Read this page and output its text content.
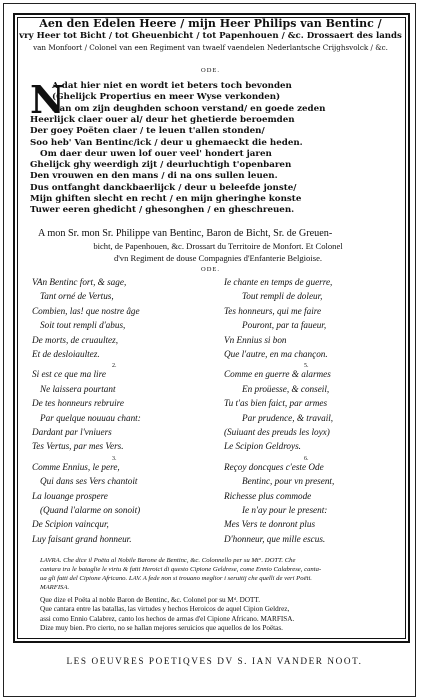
Aen den Edelen Heere / mijn Heer Philips van Bentinc /
vry Heer tot Bicht / tot Gheuenbicht / tot Papenhouen / &c. Drossaert des lands
van Monfoort / Colonel van een Regiment van twaelf vaendelen Nederlantsche Crijghsvolck / &c.
ODE.
N
A dat hier niet en wordt iet beters toch bevonden
(Ghelijck Propertius en meer Wyse verkonden)
Dan om zijn deughden schoon verstand/ en goede zeden
Heerlijck claer ouer al/ deur het ghetierde beroemden
Der goey Poëten claer / te leuen t'allen stonden/
Soo heb' Van Bentinc/ick / deur u ghemaeckt die heden.
Om daer deur uwen lof ouer veel' hondert jaren
Ghelijck ghy weerdigh zijt / deurluchtigh t'openbaren
Den vrouwen en den mans / di na ons sullen leuen.
Dus ontfanght danckbaerlijck / deur u beleefde jonste/
Mijn ghiften slecht en recht / en mijn gheringhe konste
Tuwer eeren ghedicht / ghesonghen / en gheschreuen.
A mon Sr. mon Sr. Philippe van Bentinc, Baron de Bicht, Sr. de Greuen-
bicht, de Papenhouen, &c. Drossart du Territoire de Monfort. Et Colonel
d'vn Regiment de douse Compagnies d'Enfanterie Belgioise.
ODE.
VAn Bentinc fort, & sage,
Tant orné de Vertus,
Combien, las! que nostre âge
Soit tout rempli d'abus,
De morts, de cruaultez,
Et de desloiaultez.
2.
Si est ce que ma lire
Ne laissera pourtant
De tes honneurs rebruire
Par quelque nouuau chant:
Dardant par l'vniuers
Tes Vertus, par mes Vers.
3.
Comme Ennius, le pere,
Qui dans ses Vers chantoit
La louange prospere
(Quand l'alarme on sonoit)
De Scipion vaincqur,
Luy faisant grand honneur.
Ie chante en temps de guerre,
Tout rempli de doleur,
Tes honneurs, qui me faire
Pouront, par ta faueur,
Vn Ennius si bon
Que l'autre, en ma chançon.
5.
Comme en guerre & alarmes
En proüesse, & conseil,
Tu t'as bien faict, par armes
Par prudence, & travail,
(Suiuant des preuds les loyx)
Le Scipion Geldroys.
6.
Reçoy doncques c'este Ode
Bentinc, pour vn present,
Richesse plus commode
Ie n'ay pour le present:
Mes Vers te donront plus
D'honneur, que mille escus.
LAVRA. Che dice il Poëta al Nobile Barone de Bentinc, &c. Colonnello per su Mtᵃ. DOTT. Che
cantara tra le bataglie le virtu & fatti Heroici di questo Cipione Geldrese, come Ennio Calabrese, canta-
ua gli fatti del Cipione Africano. LAV. A fede non si trouano meglior i seruitij che quelli de veri Poëti.
MARFISA.
Que dize el Poëta al noble Baron de Bentinc, &c. Colonel por su Mᵈ. DOTT.
Que cantara entre las batallas, las virtudes y hechos Heroicos de aquel Cipion Geldrez,
assi como Ennio Calabrez, canto los hechos de armas d'el Cipione Africano. MARFISA.
Dize muy bien. Pro cierto, no se hallan mejores seruicios que aquellos de los Poëtas.
LES OEUVRES POETIQVES DV S. IAN VANDER NOOT.
